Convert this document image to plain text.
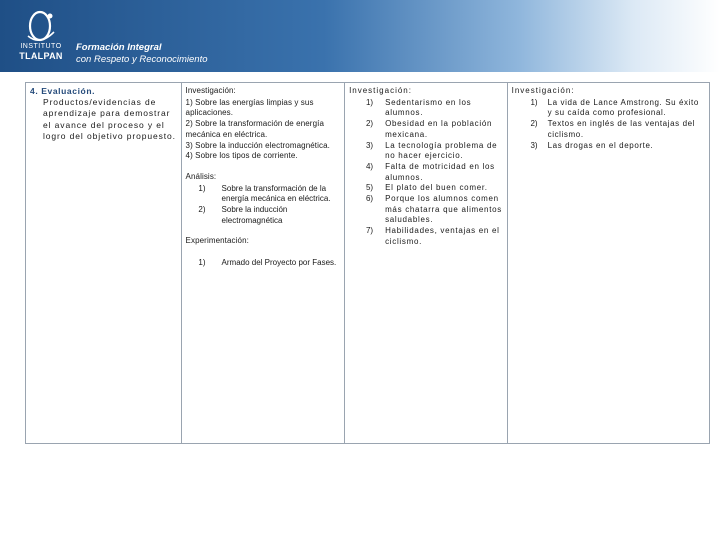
INSTITUTO
TLALPAN
Formación Integral
con Respeto y Reconocimiento
4. Evaluación.
Productos/evidencias de aprendizaje para demostrar el avance del proceso y el logro del objetivo propuesto.
Investigación:
1) Sobre las energías limpias y sus aplicaciones.
2) Sobre la transformación de energía mecánica en eléctrica.
3) Sobre la inducción electromagnética.
4) Sobre los tipos de corriente.
Análisis:
1)	Sobre la transformación de la energía mecánica en eléctrica.
2)	Sobre la inducción electromagnética
Experimentación:
1)	Armado del Proyecto por Fases.
Investigación:
1)	Sedentarismo en los alumnos.
2)	Obesidad en la población mexicana.
3)	La tecnología problema de no hacer ejercicio.
4)	Falta de motricidad en los alumnos.
5)	El plato del buen comer.
6)	Porque los alumnos comen más chatarra que alimentos saludables.
7)	Habilidades, ventajas en el ciclismo.
Investigación:
1)	La vida de Lance Amstrong. Su éxito y su caída como profesional.
2)	Textos en inglés de las ventajas del ciclismo.
3)	Las drogas en el deporte.
